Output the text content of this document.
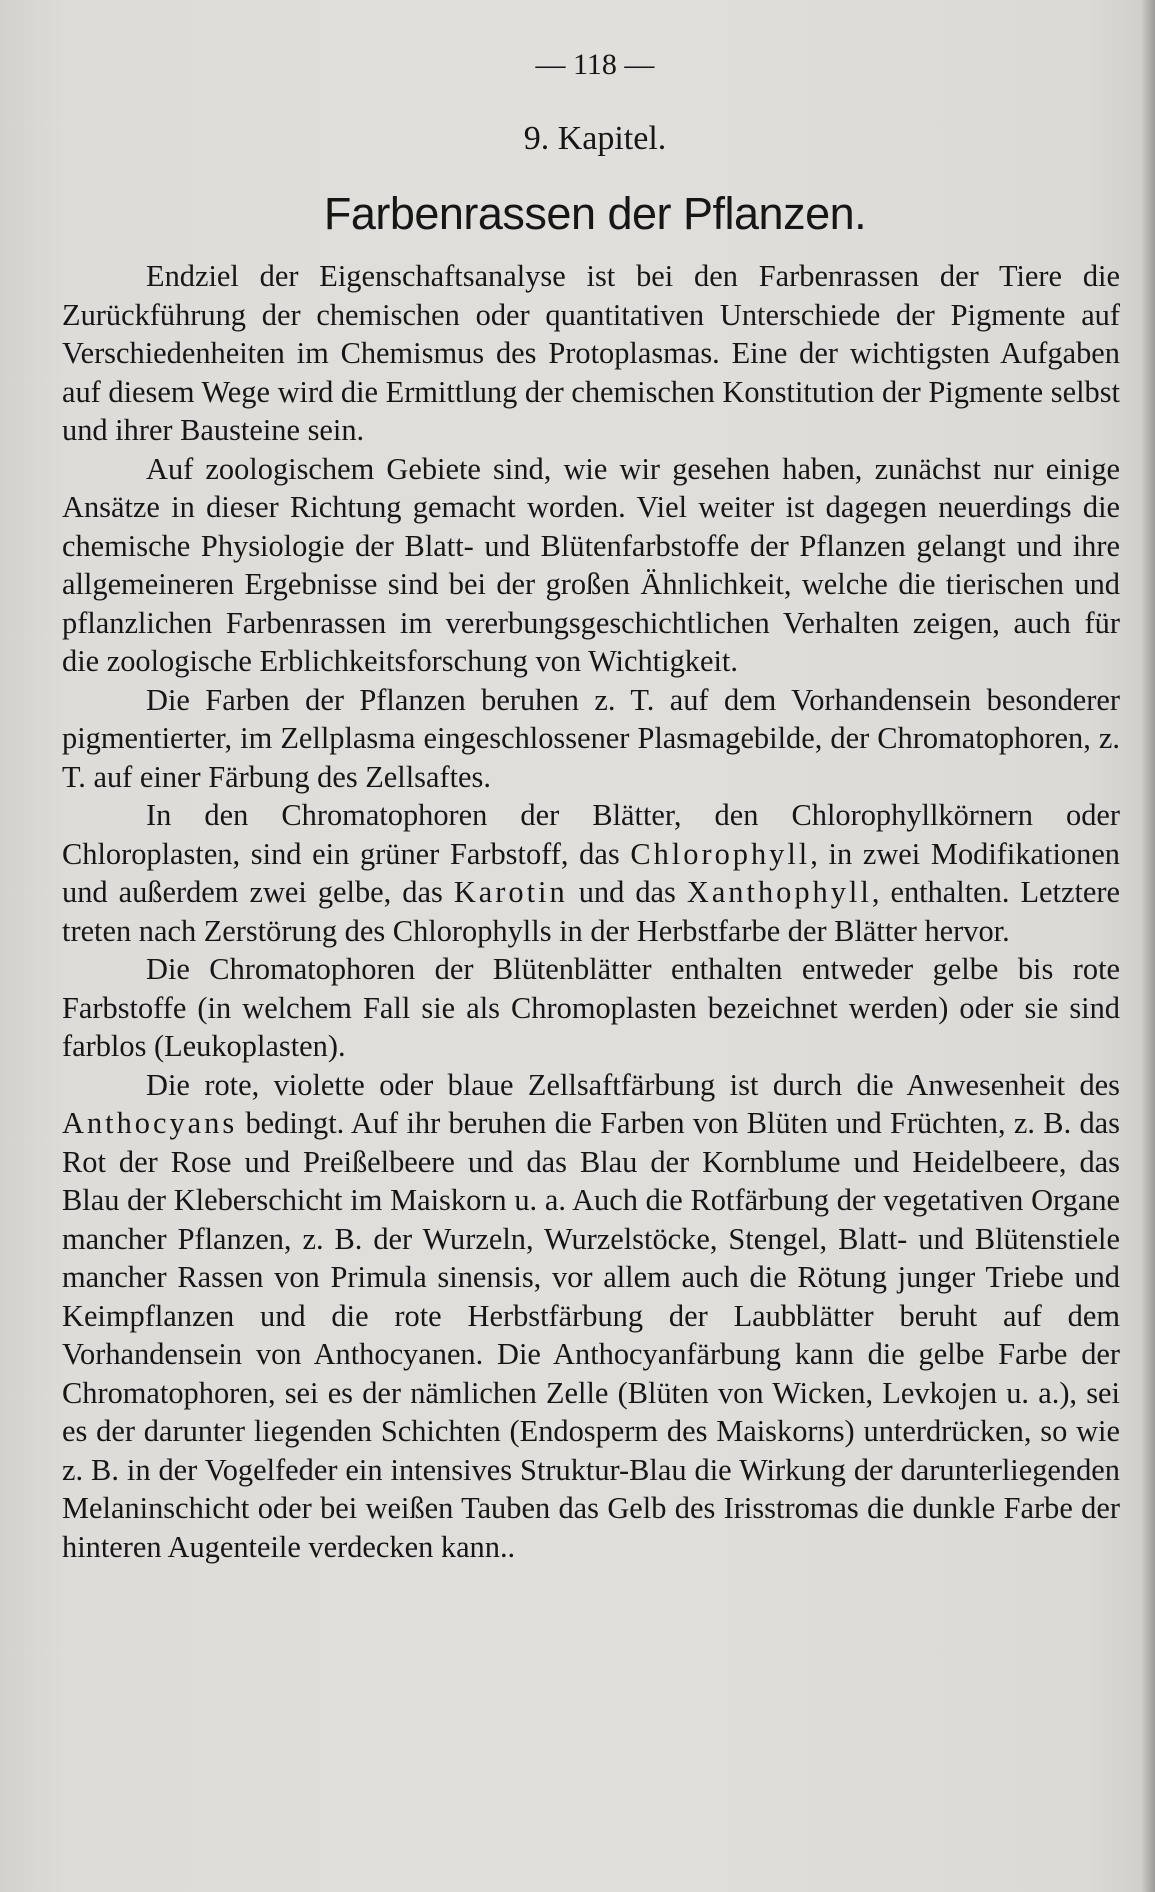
— 118 —
9. Kapitel.
Farbenrassen der Pflanzen.

Endziel der Eigenschaftsanalyse ist bei den Farbenrassen der Tiere die Zurückführung der chemischen oder quantitativen Unterschiede der Pigmente auf Verschiedenheiten im Chemismus des Protoplasmas. Eine der wichtigsten Aufgaben auf diesem Wege wird die Ermittlung der chemischen Konstitution der Pigmente selbst und ihrer Bausteine sein.

Auf zoologischem Gebiete sind, wie wir gesehen haben, zunächst nur einige Ansätze in dieser Richtung gemacht worden. Viel weiter ist dagegen neuerdings die chemische Physiologie der Blatt- und Blütenfarbstoffe der Pflanzen gelangt und ihre allgemeineren Ergebnisse sind bei der großen Ähnlichkeit, welche die tierischen und pflanzlichen Farbenrassen im vererbungsgeschichtlichen Verhalten zeigen, auch für die zoologische Erblichkeitsforschung von Wichtigkeit.

Die Farben der Pflanzen beruhen z. T. auf dem Vorhandensein besonderer pigmentierter, im Zellplasma eingeschlossener Plasmagebilde, der Chromatophoren, z. T. auf einer Färbung des Zellsaftes.

In den Chromatophoren der Blätter, den Chlorophyllkörnern oder Chloroplasten, sind ein grüner Farbstoff, das Chlorophyll, in zwei Modifikationen und außerdem zwei gelbe, das Karotin und das Xanthophyll, enthalten. Letztere treten nach Zerstörung des Chlorophylls in der Herbstfarbe der Blätter hervor.

Die Chromatophoren der Blütenblätter enthalten entweder gelbe bis rote Farbstoffe (in welchem Fall sie als Chromoplasten bezeichnet werden) oder sie sind farblos (Leukoplasten).

Die rote, violette oder blaue Zellsaftfärbung ist durch die Anwesenheit des Anthocyans bedingt. Auf ihr beruhen die Farben von Blüten und Früchten, z. B. das Rot der Rose und Preißelbeere und das Blau der Kornblume und Heidelbeere, das Blau der Kleberschicht im Maiskorn u. a. Auch die Rotfärbung der vegetativen Organe mancher Pflanzen, z. B. der Wurzeln, Wurzelstöcke, Stengel, Blatt- und Blütenstiele mancher Rassen von Primula sinensis, vor allem auch die Rötung junger Triebe und Keimpflanzen und die rote Herbstfärbung der Laubblätter beruht auf dem Vorhandensein von Anthocyanen. Die Anthocyanfärbung kann die gelbe Farbe der Chromatophoren, sei es der nämlichen Zelle (Blüten von Wicken, Levkojen u. a.), sei es der darunter liegenden Schichten (Endosperm des Maiskorns) unterdrücken, so wie z. B. in der Vogelfeder ein intensives Struktur-Blau die Wirkung der darunterliegenden Melaninschicht oder bei weißen Tauben das Gelb des Irisstromas die dunkle Farbe der hinteren Augenteile verdecken kann..
